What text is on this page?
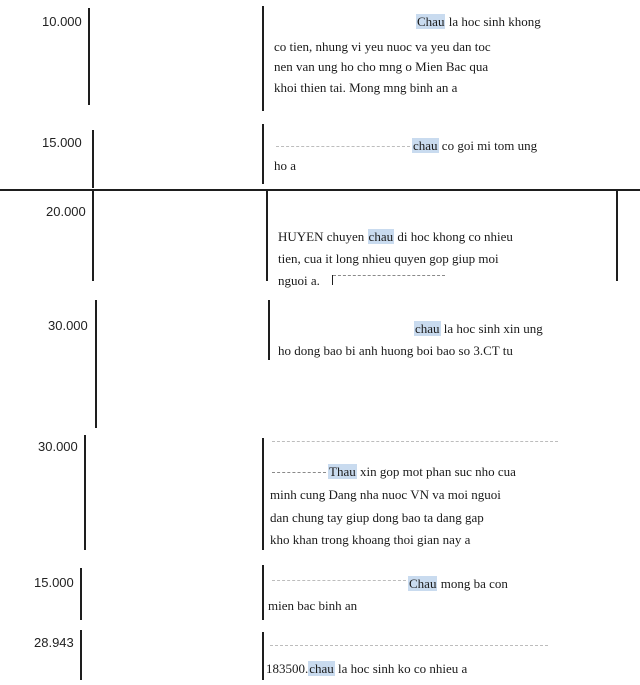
10.000	Chau la hoc sinh khong
co tien, nhung vi yeu nuoc va yeu dan toc
nen van ung ho cho mng o Mien Bac qua
khoi thien tai. Mong mng binh an a
15.000	chau co goi mi tom ung
ho a
20.000
HUYEN chuyen chau di hoc khong co nhieu
tien, cua it long nhieu quyen gop giup moi
nguoi a.
30.000	chau la hoc sinh xin ung
ho dong bao bi anh huong boi bao so 3.CT tu
30.000
Thau xin gop mot phan suc nho cua
minh cung Dang nha nuoc VN va moi nguoi
dan chung tay giup dong bao ta dang gap
kho khan trong khoang thoi gian nay a
15.000	Chau mong ba con
mien bac binh an
28.943
183500.chau la hoc sinh ko co nhieu a
